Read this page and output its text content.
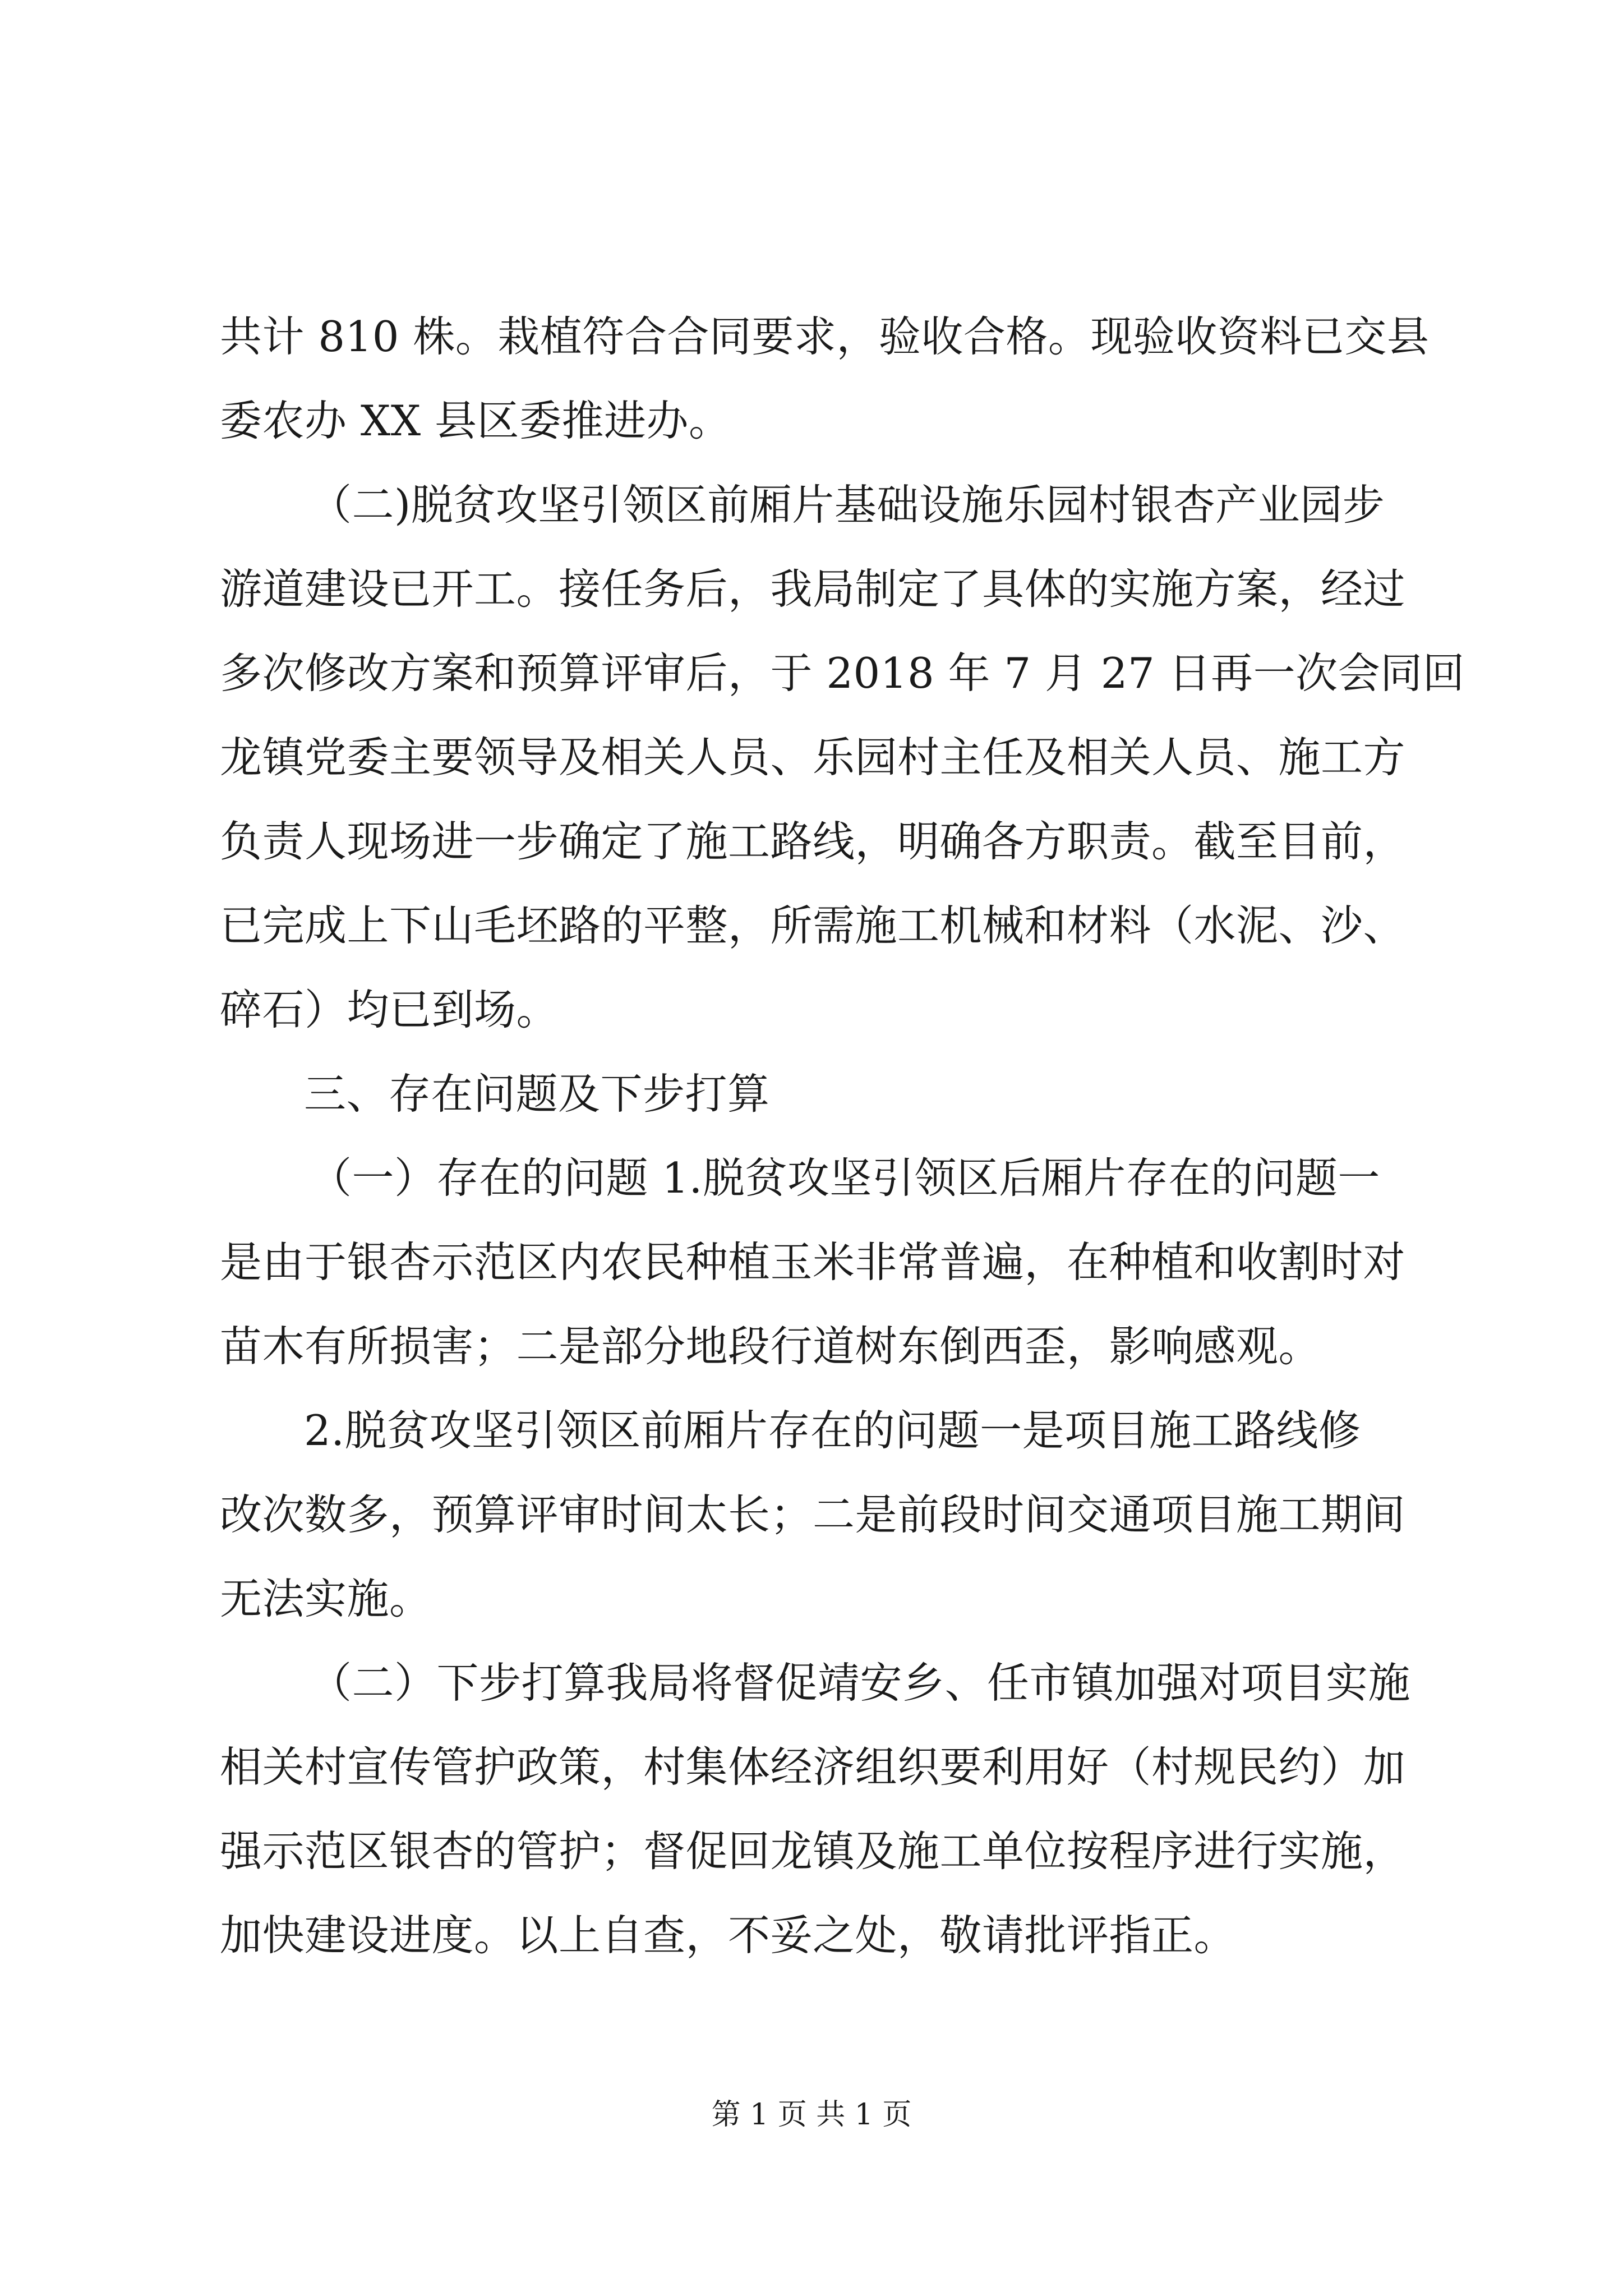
共计 810 株。栽植符合合同要求，验收合格。现验收资料已交县
委农办 XX 县区委推进办。
（二)脱贫攻坚引领区前厢片基础设施乐园村银杏产业园步
游道建设已开工。接任务后，我局制定了具体的实施方案，经过
多次修改方案和预算评审后，于 2018 年 7 月 27 日再一次会同回
龙镇党委主要领导及相关人员、乐园村主任及相关人员、施工方
负责人现场进一步确定了施工路线，明确各方职责。截至目前，
已完成上下山毛坯路的平整，所需施工机械和材料（水泥、沙、
碎石）均已到场。
三、存在问题及下步打算
（一）存在的问题 1.脱贫攻坚引领区后厢片存在的问题一
是由于银杏示范区内农民种植玉米非常普遍，在种植和收割时对
苗木有所损害；二是部分地段行道树东倒西歪，影响感观。
2.脱贫攻坚引领区前厢片存在的问题一是项目施工路线修
改次数多，预算评审时间太长；二是前段时间交通项目施工期间
无法实施。
（二）下步打算我局将督促靖安乡、任市镇加强对项目实施
相关村宣传管护政策，村集体经济组织要利用好（村规民约）加
强示范区银杏的管护；督促回龙镇及施工单位按程序进行实施，
加快建设进度。以上自查，不妥之处，敬请批评指正。
第 1 页 共 1 页
